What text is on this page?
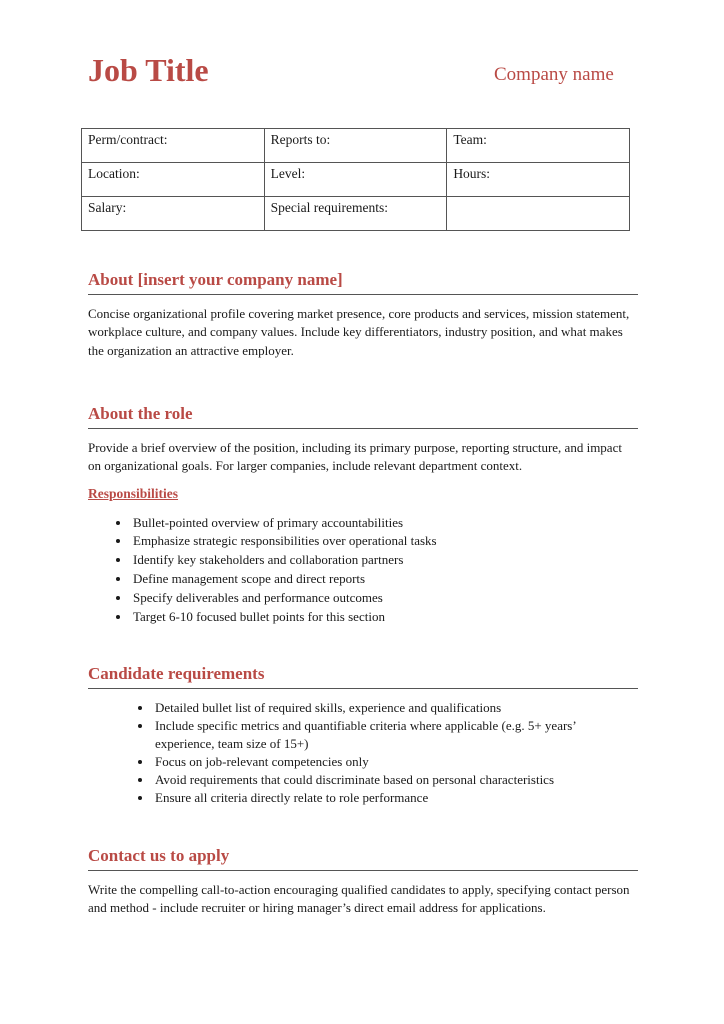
Job Title	Company name
Perm/contract:	Reports to:	Team:
Location:	Level:	Hours:
Salary:	Special requirements:	
About [insert your company name]
Concise organizational profile covering market presence, core products and services, mission statement, workplace culture, and company values. Include key differentiators, industry position, and what makes the organization an attractive employer.
About the role
Provide a brief overview of the position, including its primary purpose, reporting structure, and impact on organizational goals. For larger companies, include relevant department context.
Responsibilities
• Bullet-pointed overview of primary accountabilities
• Emphasize strategic responsibilities over operational tasks
• Identify key stakeholders and collaboration partners
• Define management scope and direct reports
• Specify deliverables and performance outcomes
• Target 6-10 focused bullet points for this section
Candidate requirements
• Detailed bullet list of required skills, experience and qualifications
• Include specific metrics and quantifiable criteria where applicable (e.g. 5+ years’ experience, team size of 15+)
• Focus on job-relevant competencies only
• Avoid requirements that could discriminate based on personal characteristics
• Ensure all criteria directly relate to role performance
Contact us to apply
Write the compelling call-to-action encouraging qualified candidates to apply, specifying contact person and method - include recruiter or hiring manager’s direct email address for applications.
